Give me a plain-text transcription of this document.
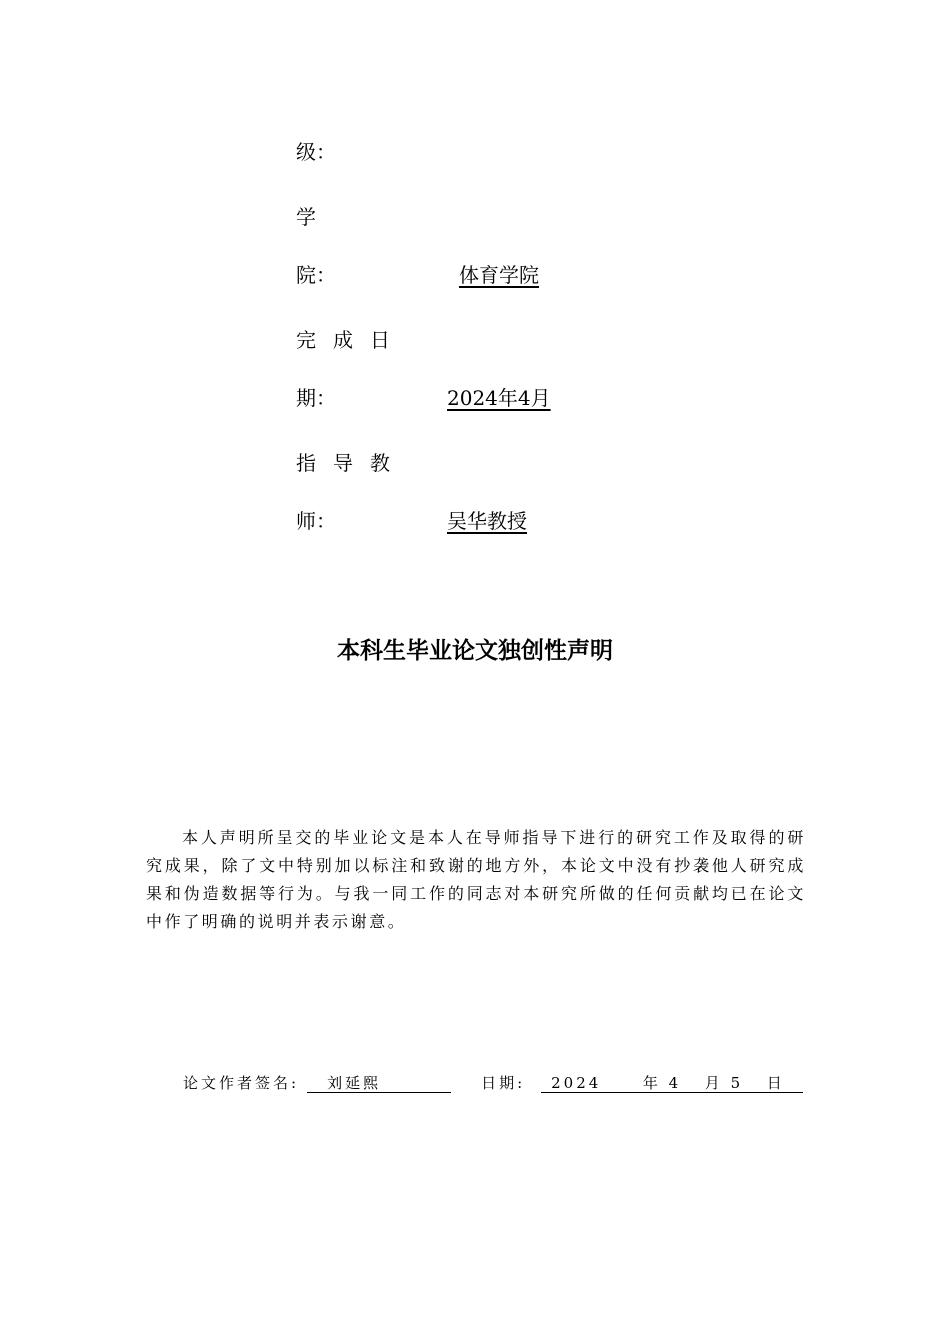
级：
学
院：	体育学院
完成日
期：	2024年4月
指导教
师：	吴华教授
本科生毕业论文独创性声明
本人声明所呈交的毕业论文是本人在导师指导下进行的研究工作及取得的研究成果，除了文中特别加以标注和致谢的地方外，本论文中没有抄袭他人研究成果和伪造数据等行为。与我一同工作的同志对本研究所做的任何贡献均已在论文中作了明确的说明并表示谢意。
论文作者签名:	刘延熙	日期:	2024	年 4 月 5 日
